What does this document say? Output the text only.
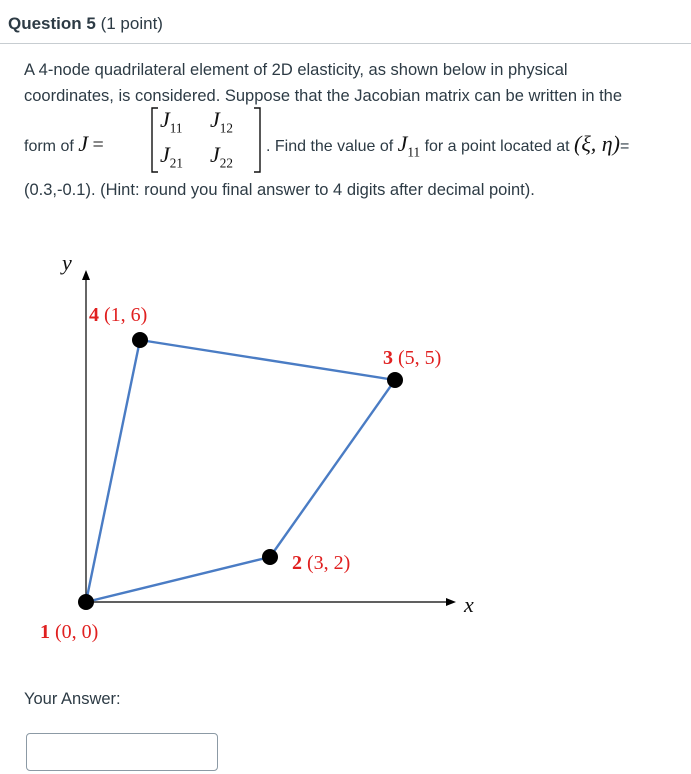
Question 5 (1 point)
A 4-node quadrilateral element of 2D elasticity, as shown below in physical
coordinates, is considered. Suppose that the Jacobian matrix can be written in the
form of J =
$J_{11}$ $J_{12}$
$J_{21}$ $J_{22}$
. Find the value of $J_{11}$ for a point located at (ξ, η)=
(0.3,-0.1). (Hint: round you final answer to 4 digits after decimal point).
y
x
1 (0, 0)
2 (3, 2)
3 (5, 5)
4 (1, 6)
Your Answer:
